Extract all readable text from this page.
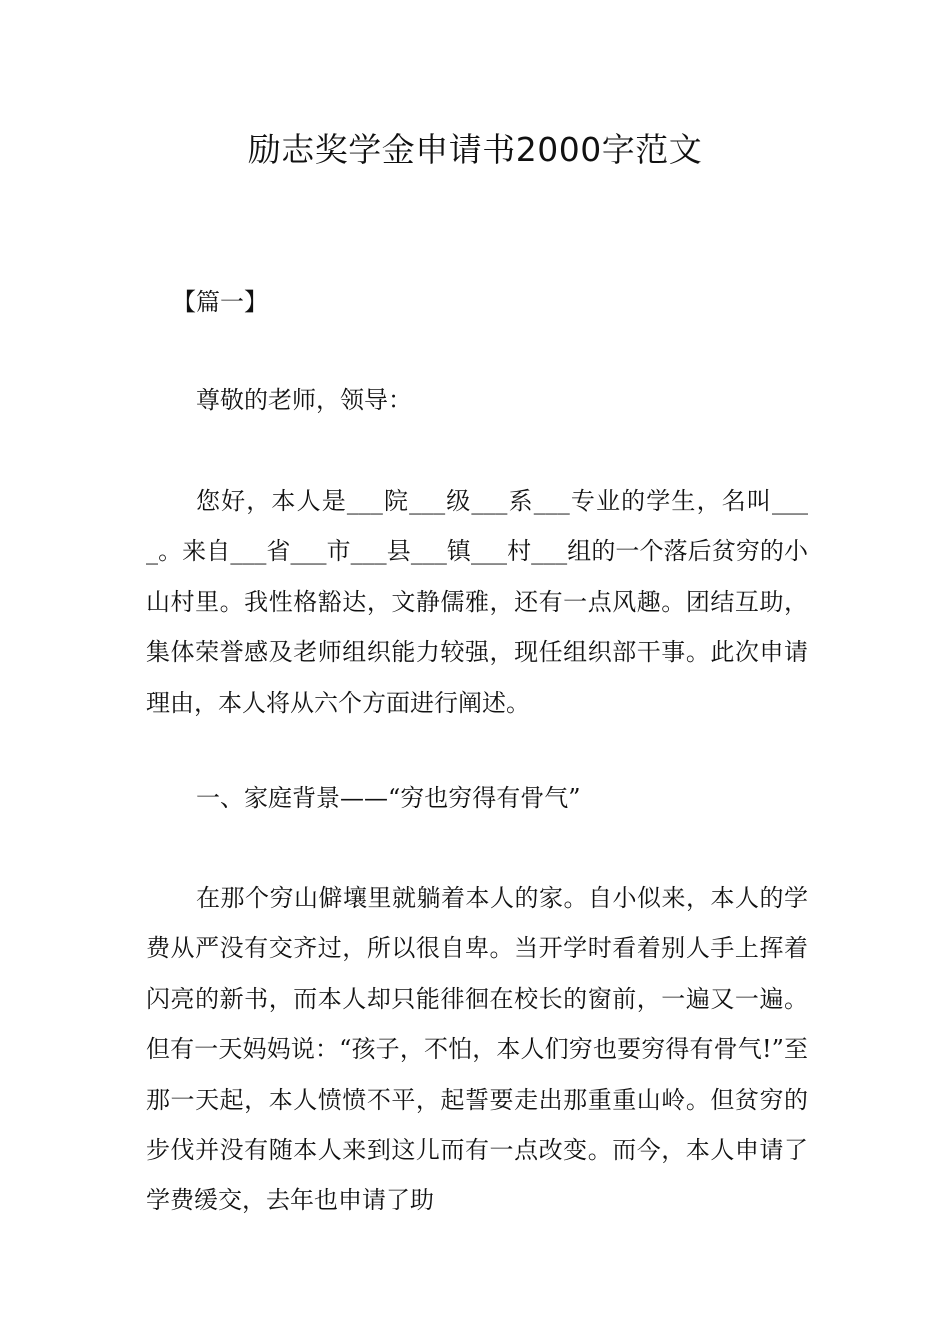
励志奖学金申请书2000字范文

【篇一】

尊敬的老师，领导：

您好，本人是___院___级___系___专业的学生，名叫____。来自___省___市___县___镇___村___组的一个落后贫穷的小山村里。我性格豁达，文静儒雅，还有一点风趣。团结互助，集体荣誉感及老师组织能力较强，现任组织部干事。此次申请理由，本人将从六个方面进行阐述。

一、家庭背景——“穷也穷得有骨气”

在那个穷山僻壤里就躺着本人的家。自小似来，本人的学费从严没有交齐过，所以很自卑。当开学时看着别人手上挥着闪亮的新书，而本人却只能徘徊在校长的窗前，一遍又一遍。但有一天妈妈说：“孩子，不怕，本人们穷也要穷得有骨气!”至那一天起，本人愤愤不平，起誓要走出那重重山岭。但贫穷的步伐并没有随本人来到这儿而有一点改变。而今，本人申请了学费缓交，去年也申请了助
